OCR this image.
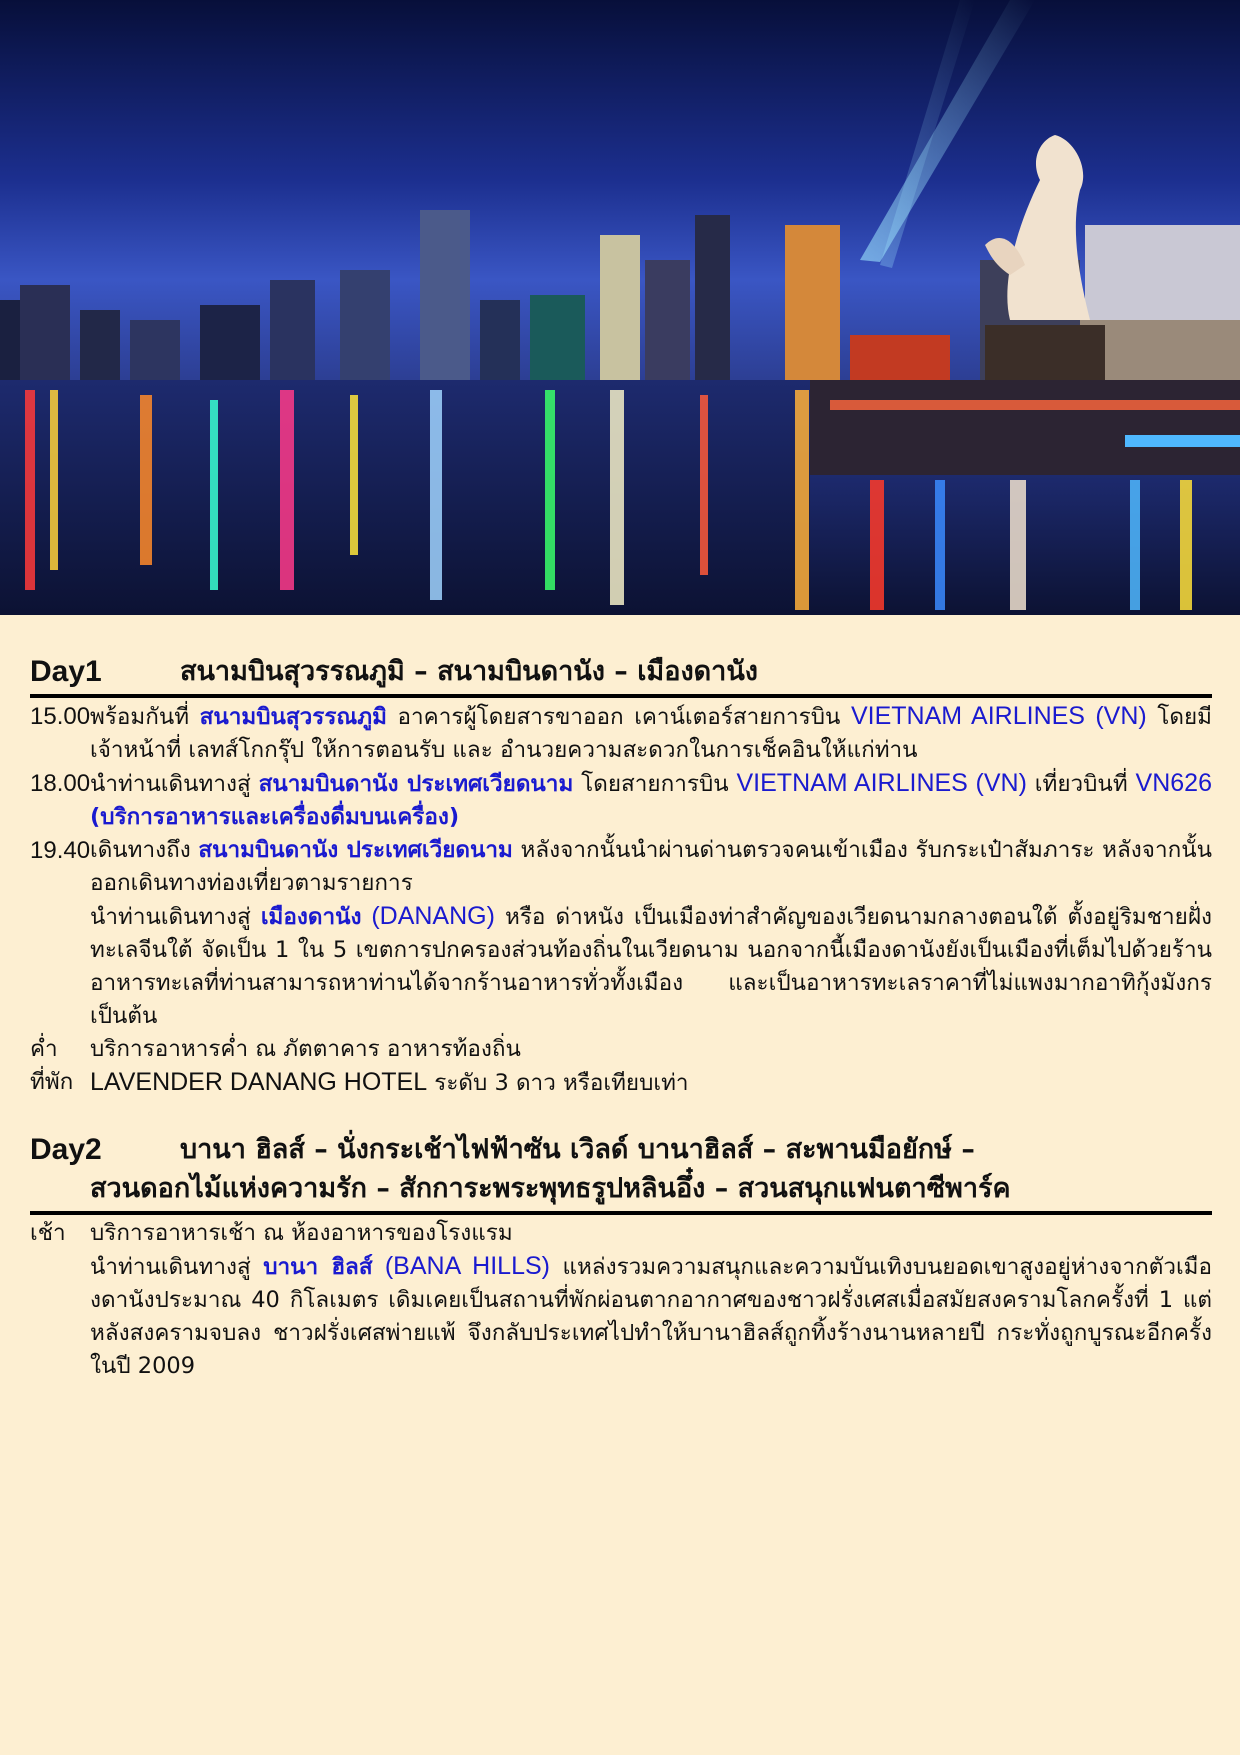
Day1	สนามบินสุวรรณภูมิ – สนามบินดานัง – เมืองดานัง
15.00 พร้อมกันที่ สนามบินสุวรรณภูมิ อาคารผู้โดยสารขาออก เคาน์เตอร์สายการบิน VIETNAM AIRLINES (VN) โดยมีเจ้าหน้าที่ เลทส์โกกรุ๊ป ให้การตอนรับ และ อำนวยความสะดวกในการเช็คอินให้แก่ท่าน
18.00 นำท่านเดินทางสู่ สนามบินดานัง ประเทศเวียดนาม โดยสายการบิน VIETNAM AIRLINES (VN) เที่ยวบินที่ VN626 (บริการอาหารและเครื่องดื่มบนเครื่อง)
19.40 เดินทางถึง สนามบินดานัง ประเทศเวียดนาม หลังจากนั้นนำผ่านด่านตรวจคนเข้าเมือง รับกระเป๋าสัมภาระ หลังจากนั้นออกเดินทางท่องเที่ยวตามรายการ
นำท่านเดินทางสู่ เมืองดานัง (DANANG) หรือ ด่าหนัง เป็นเมืองท่าสำคัญของเวียดนามกลางตอนใต้ ตั้งอยู่ริมชายฝั่งทะเลจีนใต้ จัดเป็น 1 ใน 5 เขตการปกครองส่วนท้องถิ่นในเวียดนาม นอกจากนี้เมืองดานังยังเป็นเมืองที่เต็มไปด้วยร้านอาหารทะเลที่ท่านสามารถหาท่านได้จากร้านอาหารทั่วทั้งเมือง และเป็นอาหารทะเลราคาที่ไม่แพงมากอาทิกุ้งมังกรเป็นต้น
ค่ำ	บริการอาหารค่ำ ณ ภัตตาคาร อาหารท้องถิ่น
ที่พัก LAVENDER DANANG HOTEL ระดับ 3 ดาว หรือเทียบเท่า
Day2	บานา ฮิลส์ – นั่งกระเช้าไฟฟ้าซัน เวิลด์ บานาฮิลส์ – สะพานมือยักษ์ –
สวนดอกไม้แห่งความรัก – สักการะพระพุทธรูปหลินอึ๋ง – สวนสนุกแฟนตาซีพาร์ค
เช้า	บริการอาหารเช้า ณ ห้องอาหารของโรงแรม
นำท่านเดินทางสู่ บานา ฮิลส์ (BANA HILLS) แหล่งรวมความสนุกและความบันเทิงบนยอดเขาสูงอยู่ห่างจากตัวเมืองดานังประมาณ 40 กิโลเมตร เดิมเคยเป็นสถานที่พักผ่อนตากอากาศของชาวฝรั่งเศสเมื่อสมัยสงครามโลกครั้งที่ 1 แต่หลังสงครามจบลง ชาวฝรั่งเศสพ่ายแพ้ จึงกลับประเทศไปทำให้บานาฮิลส์ถูกทิ้งร้างนานหลายปี กระทั่งถูกบูรณะอีกครั้งในปี 2009
